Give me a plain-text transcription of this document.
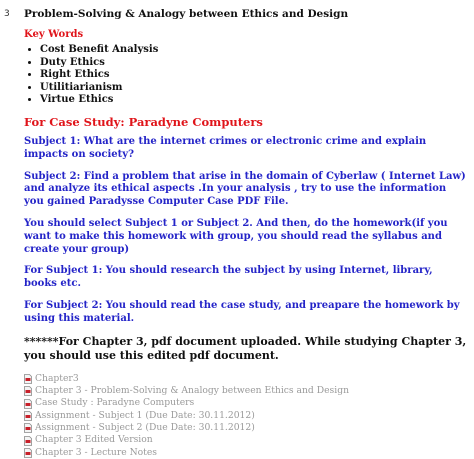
3 Problem-Solving & Analogy between Ethics and Design
Key Words
• Cost Benefit Analysis
• Duty Ethics
• Right Ethics
• Utilitiarianism
• Virtue Ethics
For Case Study: Paradyne Computers

Subject 1: What are the internet crimes or electronic crime and explain impacts on society?

Subject 2: Find a problem that arise in the domain of Cyberlaw ( Internet Law) and analyze its ethical aspects .In your analysis , try to use the information you gained Paradysse Computer Case PDF File.

You should select Subject 1 or Subject 2. And then, do the homework(if you want to make this homework with group, you should read the syllabus and create your group)

For Subject 1: You should research the subject by using Internet, library, books etc.

For Subject 2: You should read the case study, and preapare the homework by using this material.

******For Chapter 3, pdf document uploaded. While studying Chapter 3, you should use this edited pdf document.

Chapter3
Chapter 3 - Problem-Solving & Analogy between Ethics and Design
Case Study : Paradyne Computers
Assignment - Subject 1 (Due Date: 30.11.2012)
Assignment - Subject 2 (Due Date: 30.11.2012)
Chapter 3 Edited Version
Chapter 3 - Lecture Notes
